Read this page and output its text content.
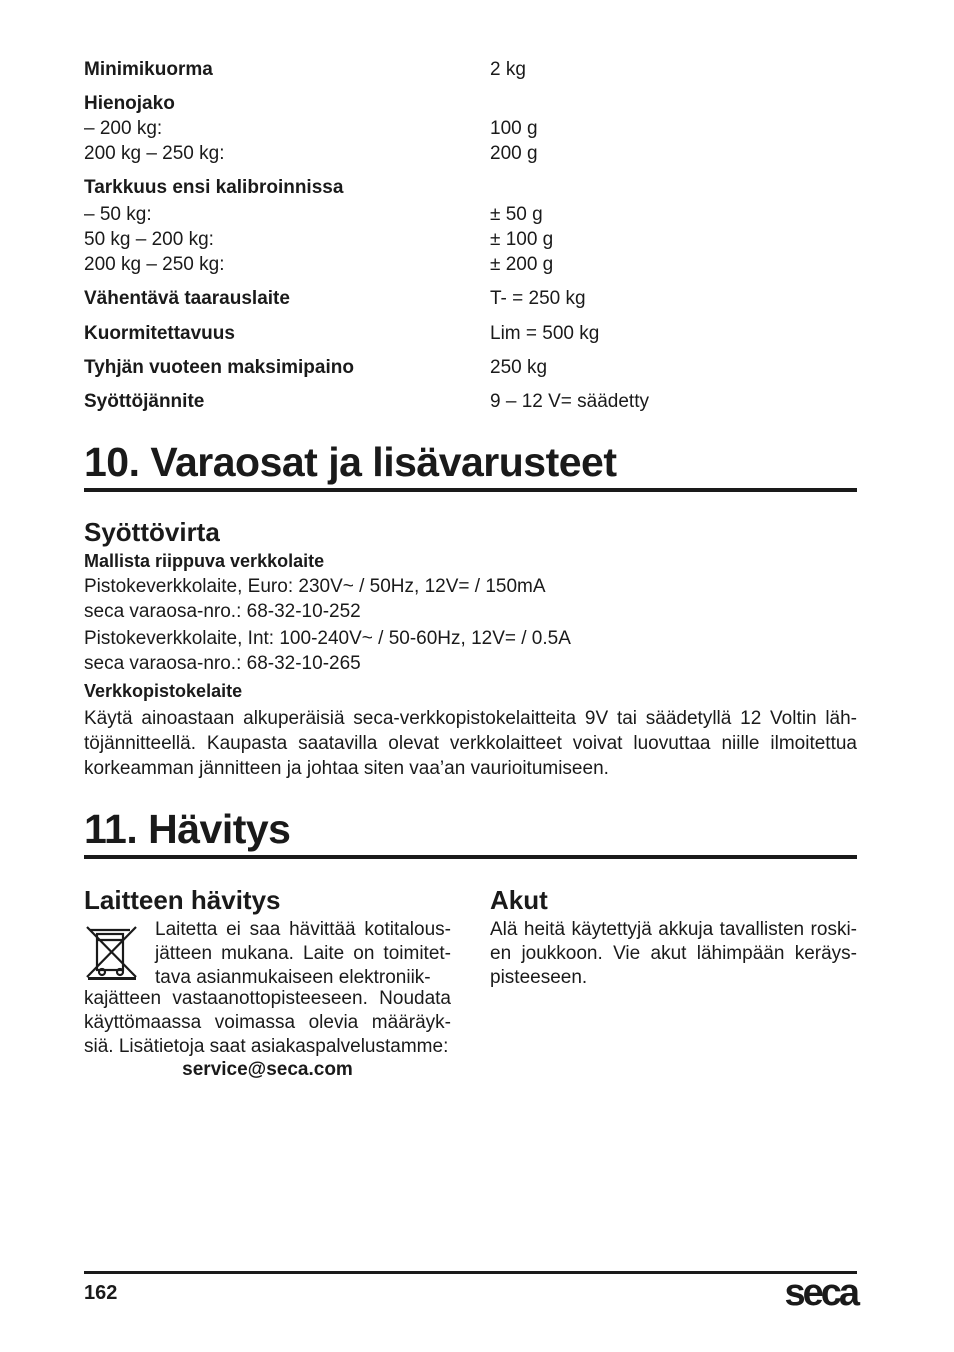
Minimikuorma	2 kg
Hienojako
– 200 kg:	100 g
200 kg – 250 kg:	200 g
Tarkkuus ensi kalibroinnissa
– 50 kg:	± 50 g
50 kg – 200 kg:	± 100 g
200 kg – 250 kg:	± 200 g
Vähentävä taarauslaite	T- = 250 kg
Kuormitettavuus	Lim = 500 kg
Tyhjän vuoteen maksimipaino	250 kg
Syöttöjännite	9 – 12 V= säädetty
10. Varaosat ja lisävarusteet
Syöttövirta
Mallista riippuva verkkolaite
Pistokeverkkolaite, Euro: 230V~ / 50Hz, 12V= / 150mA
seca varaosa-nro.: 68-32-10-252
Pistokeverkkolaite, Int: 100-240V~ / 50-60Hz, 12V= / 0.5A
seca varaosa-nro.: 68-32-10-265
Verkkopistokelaite
Käytä ainoastaan alkuperäisiä seca-verkkopistokelaitteita 9V tai säädetyllä 12 Voltin läh-töjännitteellä. Kaupasta saatavilla olevat verkkolaitteet voivat luovuttaa niille ilmoitettua korkeamman jännitteen ja johtaa siten vaa’an vaurioitumiseen.
11. Hävitys
Laitteen hävitys
Laitetta ei saa hävittää kotitalous-jätteen mukana. Laite on toimitet-tava asianmukaiseen elektroniik-
kajätteen vastaanottopisteeseen. Noudata käyttömaassa voimassa olevia määräyk-siä. Lisätietoja saat asiakaspalvelustamme:
service@seca.com
Akut
Alä heitä käytettyjä akkuja tavallisten roski-en joukkoon. Vie akut lähimpään keräys-pisteeseen.
162	seca
